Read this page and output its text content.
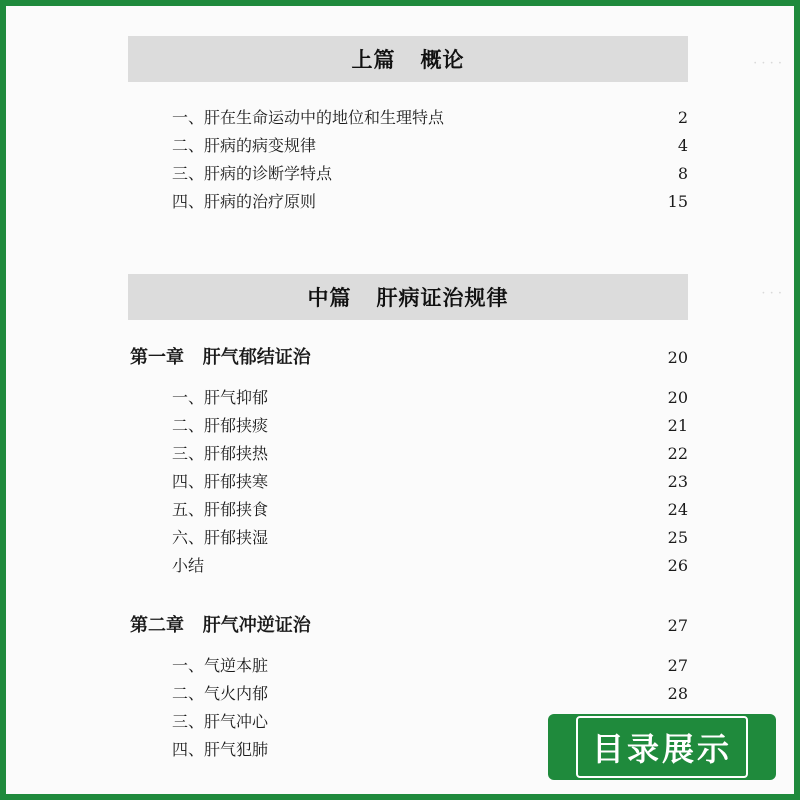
· · · ·
· · ·
上篇   概论
一、肝在生命运动中的地位和生理特点	2
二、肝病的病变规律	4
三、肝病的诊断学特点	8
四、肝病的治疗原则	15
中篇   肝病证治规律
第一章   肝气郁结证治	20
一、肝气抑郁	20
二、肝郁挟痰	21
三、肝郁挟热	22
四、肝郁挟寒	23
五、肝郁挟食	24
六、肝郁挟湿	25
小结	26
第二章   肝气冲逆证治	27
一、气逆本脏	27
二、气火内郁	28
三、肝气冲心
四、肝气犯肺	目录展示
